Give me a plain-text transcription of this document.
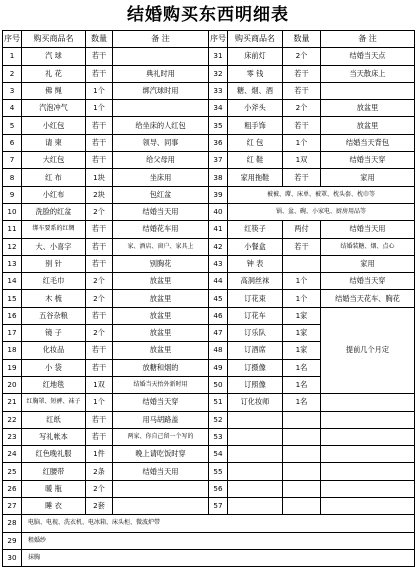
结婚购买东西明细表
序号	购买商品名	数量	备 注	序号	购买商品名	数量	备 注
1	汽 球	若干		31	床前灯	2个	结婚当天点
2	礼 花	若干	典礼时用	32	零 钱	若干	当天散床上
3	佛 绳	1个	绑汽球时用	33	糖、烟、酒	若干	
4	汽泡冲气	1个		34	小斧头	2个	放盆里
5	小红包	若干	给坐床的人红包	35	粗手饰	若干	放盆里
6	请 柬	若干	领导、同事	36	红 包	1个	结婚当天背包
7	大红包	若干	给父母用	37	红 鞋	1双	结婚当天穿
8	红 布	1块	坐床用	38	家用拖鞋	若干	家用
9	小红布	2块	包红盆	39	被被、蓆、床单、被罩、枕头套、枕巾等		
10	洗脸的红盆	2个	结婚当天用	40	锅、盆、碗、小家电、厨房用品等		
11	绑车要系的红绸	若干	结婚花车用	41	红筷子	两付	结婚当天用
12	大、小喜字	若干	家、酒店、窗户、家具上	42	小餐盒	若干	结婚装糖、烟、点心
13	别 针	若干	别胸花	43	钟 表		家用
14	红毛巾	2个	放盆里	44	高洞丝袜	1个	结婚当天穿
15	木 梳	2个	放盆里	45	订花束	1个	结婚当天花车、胸花
16	五谷杂粮	若干	放盆里	46	订花车	1家	提前几个月定
17	镜 子	2个	放盆里	47	订乐队	1家	
18	化妆品	若干	放盆里	48	订酒席	1家	
19	小 袋	若干	放糖和烟的	49	订摄像	1名	
20	红地毯	1双	结婚当天抬外新时用	50	订照像	1名	
21	红胸罩、短裤、袜子	1个	结婚当天穿	51	订化妆师	1名	
22	红纸	若干	用马胡路盖	52			
23	写礼帐本	若干	两家、你自己留一个写的	53			
24	红色晚礼服	1件	晚上请吃饭时穿	54			
25	红腰带	2条	结婚当天用	55			
26	暖 瓶	2个		56			
27	睡 衣	2套		57			
28	电脑、电视、洗衣机、电冰箱、床头柜、微波炉带						
29	租婚纱						
30	抹胸						
